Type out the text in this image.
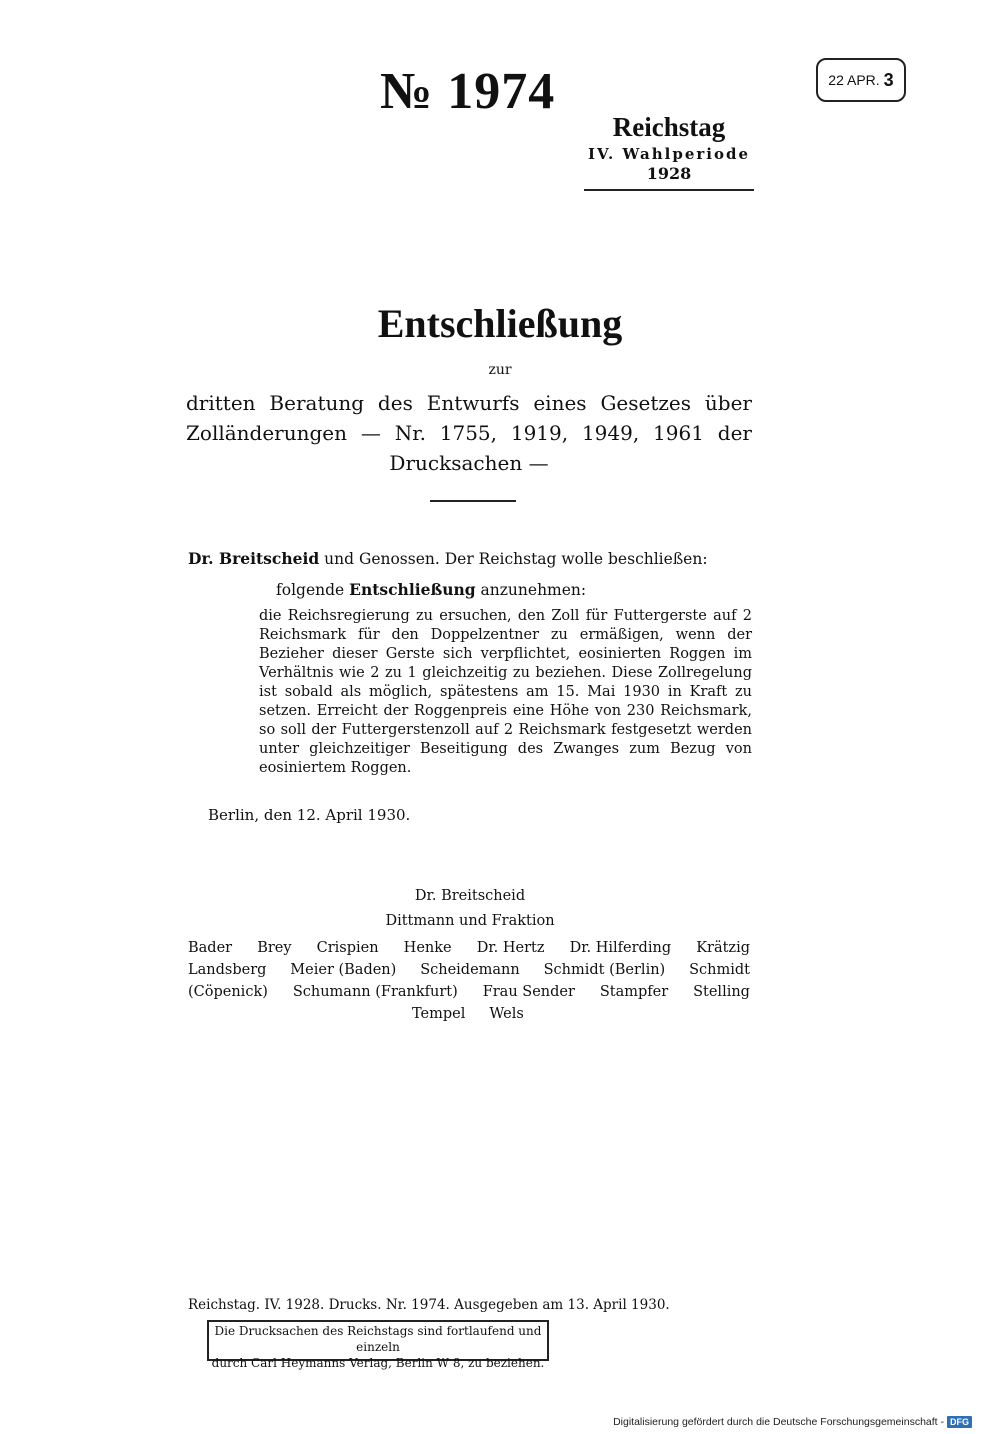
№ 1974	22 APR. 3
Reichstag
IV. Wahlperiode
1928
Entschließung
zur
dritten Beratung des Entwurfs eines Gesetzes über Zolländerungen — Nr. 1755, 1919, 1949, 1961 der Drucksachen —
Dr. Breitscheid und Genossen. Der Reichstag wolle beschließen:
folgende Entschließung anzunehmen:

die Reichsregierung zu ersuchen, den Zoll für Futtergerste auf 2 Reichsmark für den Doppelzentner zu ermäßigen, wenn der Bezieher dieser Gerste sich verpflichtet, eosinierten Roggen im Verhältnis wie 2 zu 1 gleichzeitig zu beziehen. Diese Zollregelung ist sobald als möglich, spätestens am 15. Mai 1930 in Kraft zu setzen. Erreicht der Roggenpreis eine Höhe von 230 Reichsmark, so soll der Futtergerstenzoll auf 2 Reichsmark festgesetzt werden unter gleichzeitiger Beseitigung des Zwanges zum Bezug von eosiniertem Roggen.

Berlin, den 12. April 1930.
Dr. Breitscheid
Dittmann und Fraktion
Bader Brey Crispien Henke Dr. Hertz Dr. Hilferding Krätzig
Landsberg Meier (Baden) Scheidemann Schmidt (Berlin) Schmidt
(Cöpenick) Schumann (Frankfurt) Frau Sender Stampfer Stelling
Tempel Wels
Reichstag. IV. 1928. Drucks. Nr. 1974. Ausgegeben am 13. April 1930.
Die Drucksachen des Reichstags sind fortlaufend und einzeln
durch Carl Heymanns Verlag, Berlin W 8, zu beziehen.
Digitalisierung gefördert durch die Deutsche Forschungsgemeinschaft - DFG
